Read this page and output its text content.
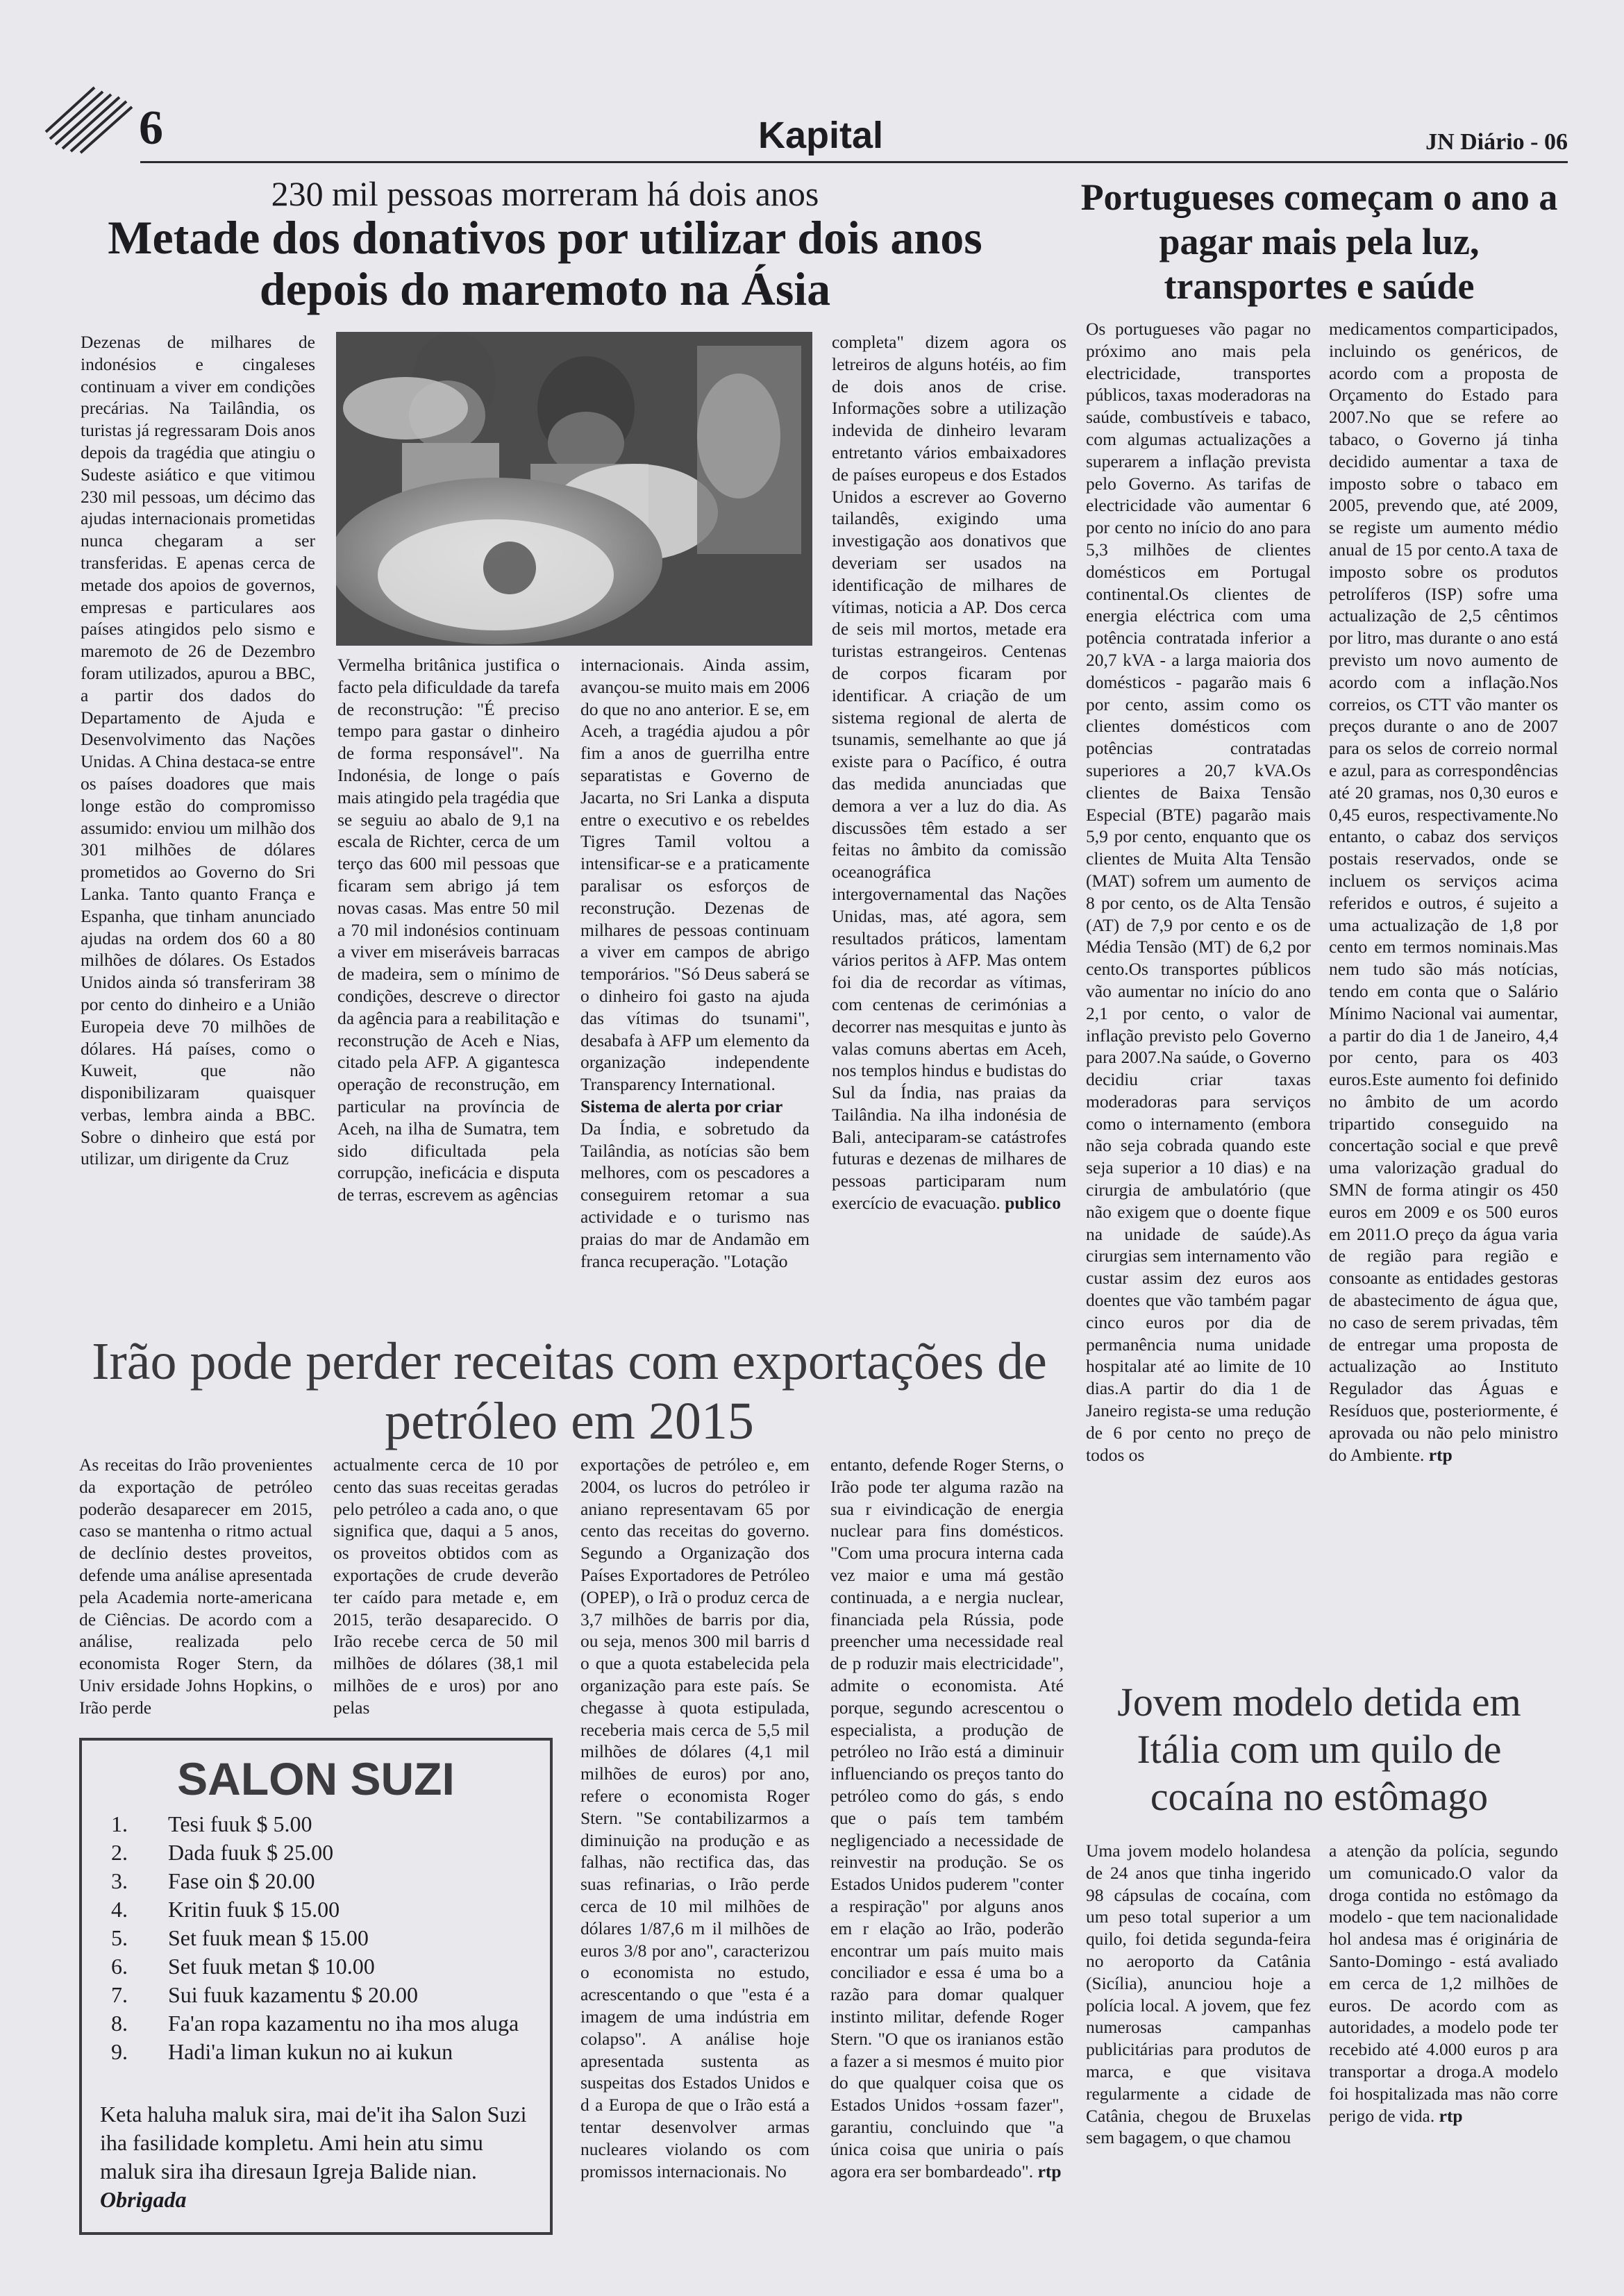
6	Kapital	JN Diário - 06
230 mil pessoas morreram há dois anos
Metade dos donativos por utilizar dois anos depois do maremoto na Ásia

Dezenas de milhares de indonésios e cingaleses continuam a viver em condições precárias. Na Tailândia, os turistas já regressaram Dois anos depois da tragédia que atingiu o Sudeste asiático e que vitimou 230 mil pessoas, um décimo das ajudas internacionais prometidas nunca chegaram a ser transferidas. E apenas cerca de metade dos apoios de governos, empresas e particulares aos países atingidos pelo sismo e maremoto de 26 de Dezembro foram utilizados, apurou a BBC, a partir dos dados do Departamento de Ajuda e Desenvolvimento das Nações Unidas. A China destaca-se entre os países doadores que mais longe estão do compromisso assumido: enviou um milhão dos 301 milhões de dólares prometidos ao Governo do Sri Lanka. Tanto quanto França e Espanha, que tinham anunciado ajudas na ordem dos 60 a 80 milhões de dólares. Os Estados Unidos ainda só transferiram 38 por cento do dinheiro e a União Europeia deve 70 milhões de dólares. Há países, como o Kuweit, que não disponibilizaram quaisquer verbas, lembra ainda a BBC. Sobre o dinheiro que está por utilizar, um dirigente da Cruz

Vermelha britânica justifica o facto pela dificuldade da tarefa de reconstrução: "É preciso tempo para gastar o dinheiro de forma responsável". Na Indonésia, de longe o país mais atingido pela tragédia que se seguiu ao abalo de 9,1 na escala de Richter, cerca de um terço das 600 mil pessoas que ficaram sem abrigo já tem novas casas. Mas entre 50 mil a 70 mil indonésios continuam a viver em miseráveis barracas de madeira, sem o mínimo de condições, descreve o director da agência para a reabilitação e reconstrução de Aceh e Nias, citado pela AFP. A gigantesca operação de reconstrução, em particular na província de Aceh, na ilha de Sumatra, tem sido dificultada pela corrupção, ineficácia e disputa de terras, escrevem as agências

internacionais. Ainda assim, avançou-se muito mais em 2006 do que no ano anterior. E se, em Aceh, a tragédia ajudou a pôr fim a anos de guerrilha entre separatistas e Governo de Jacarta, no Sri Lanka a disputa entre o executivo e os rebeldes Tigres Tamil voltou a intensificar-se e a praticamente paralisar os esforços de reconstrução. Dezenas de milhares de pessoas continuam a viver em campos de abrigo temporários. "Só Deus saberá se o dinheiro foi gasto na ajuda das vítimas do tsunami", desabafa à AFP um elemento da organização independente Transparency International.

Sistema de alerta por criar

Da Índia, e sobretudo da Tailândia, as notícias são bem melhores, com os pescadores a conseguirem retomar a sua actividade e o turismo nas praias do mar de Andamão em franca recuperação. "Lotação

completa" dizem agora os letreiros de alguns hotéis, ao fim de dois anos de crise. Informações sobre a utilização indevida de dinheiro levaram entretanto vários embaixadores de países europeus e dos Estados Unidos a escrever ao Governo tailandês, exigindo uma investigação aos donativos que deveriam ser usados na identificação de milhares de vítimas, noticia a AP. Dos cerca de seis mil mortos, metade era turistas estrangeiros. Centenas de corpos ficaram por identificar. A criação de um sistema regional de alerta de tsunamis, semelhante ao que já existe para o Pacífico, é outra das medida anunciadas que demora a ver a luz do dia. As discussões têm estado a ser feitas no âmbito da comissão oceanográfica intergovernamental das Nações Unidas, mas, até agora, sem resultados práticos, lamentam vários peritos à AFP. Mas ontem foi dia de recordar as vítimas, com centenas de cerimónias a decorrer nas mesquitas e junto às valas comuns abertas em Aceh, nos templos hindus e budistas do Sul da Índia, nas praias da Tailândia. Na ilha indonésia de Bali, anteciparam-se catástrofes futuras e dezenas de milhares de pessoas participaram num exercício de evacuação. publico

Irão pode perder receitas com exportações de petróleo em 2015

As receitas do Irão provenientes da exportação de petróleo poderão desaparecer em 2015, caso se mantenha o ritmo actual de declínio destes proveitos, defende uma análise apresentada pela Academia norte-americana de Ciências. De acordo com a análise, realizada pelo economista Roger Stern, da Univ ersidade Johns Hopkins, o Irão perde

actualmente cerca de 10 por cento das suas receitas geradas pelo petróleo a cada ano, o que significa que, daqui a 5 anos, os proveitos obtidos com as exportações de crude deverão ter caído para metade e, em 2015, terão desaparecido. O Irão recebe cerca de 50 mil milhões de dólares (38,1 mil milhões de e uros) por ano pelas

exportações de petróleo e, em 2004, os lucros do petróleo ir aniano representavam 65 por cento das receitas do governo. Segundo a Organização dos Países Exportadores de Petróleo (OPEP), o Irã o produz cerca de 3,7 milhões de barris por dia, ou seja, menos 300 mil barris d o que a quota estabelecida pela organização para este país. Se chegasse à quota estipulada, receberia mais cerca de 5,5 mil milhões de dólares (4,1 mil milhões de euros) por ano, refere o economista Roger Stern. "Se contabilizarmos a diminuição na produção e as falhas, não rectifica das, das suas refinarias, o Irão perde cerca de 10 mil milhões de dólares 1/87,6 m il milhões de euros 3/8 por ano", caracterizou o economista no estudo, acrescentando o que "esta é a imagem de uma indústria em colapso". A análise hoje apresentada sustenta as suspeitas dos Estados Unidos e d a Europa de que o Irão está a tentar desenvolver armas nucleares violando os com promissos internacionais. No

entanto, defende Roger Sterns, o Irão pode ter alguma razão na sua r eivindicação de energia nuclear para fins domésticos. "Com uma procura interna cada vez maior e uma má gestão continuada, a e nergia nuclear, financiada pela Rússia, pode preencher uma necessidade real de p roduzir mais electricidade", admite o economista. Até porque, segundo acrescentou o especialista, a produção de petróleo no Irão está a diminuir influenciando os preços tanto do petróleo como do gás, s endo que o país tem também negligenciado a necessidade de reinvestir na produção. Se os Estados Unidos puderem "conter a respiração" por alguns anos em r elação ao Irão, poderão encontrar um país muito mais conciliador e essa é uma bo a razão para domar qualquer instinto militar, defende Roger Stern. "O que os iranianos estão a fazer a si mesmos é muito pior do que qualquer coisa que os Estados Unidos +ossam fazer", garantiu, concluindo que "a única coisa que uniria o país agora era ser bombardeado". rtp

SALON SUZI
1. Tesi fuuk $ 5.00
2. Dada fuuk $ 25.00
3. Fase oin $ 20.00
4. Kritin fuuk $ 15.00
5. Set fuuk mean $ 15.00
6. Set fuuk metan $ 10.00
7. Sui fuuk kazamentu $ 20.00
8. Fa'an ropa kazamentu no iha mos aluga
9. Hadi'a liman kukun no ai kukun
Keta haluha maluk sira, mai de'it iha Salon Suzi iha fasilidade kompletu. Ami hein atu simu maluk sira iha diresaun Igreja Balide nian. Obrigada
Portugueses começam o ano a pagar mais pela luz, transportes e saúde

Os portugueses vão pagar no próximo ano mais pela electricidade, transportes públicos, taxas moderadoras na saúde, combustíveis e tabaco, com algumas actualizações a superarem a inflação prevista pelo Governo. As tarifas de electricidade vão aumentar 6 por cento no início do ano para 5,3 milhões de clientes domésticos em Portugal continental.Os clientes de energia eléctrica com uma potência contratada inferior a 20,7 kVA - a larga maioria dos domésticos - pagarão mais 6 por cento, assim como os clientes domésticos com potências contratadas superiores a 20,7 kVA.Os clientes de Baixa Tensão Especial (BTE) pagarão mais 5,9 por cento, enquanto que os clientes de Muita Alta Tensão (MAT) sofrem um aumento de 8 por cento, os de Alta Tensão (AT) de 7,9 por cento e os de Média Tensão (MT) de 6,2 por cento.Os transportes públicos vão aumentar no início do ano 2,1 por cento, o valor de inflação previsto pelo Governo para 2007.Na saúde, o Governo decidiu criar taxas moderadoras para serviços como o internamento (embora não seja cobrada quando este seja superior a 10 dias) e na cirurgia de ambulatório (que não exigem que o doente fique na unidade de saúde).As cirurgias sem internamento vão custar assim dez euros aos doentes que vão também pagar cinco euros por dia de permanência numa unidade hospitalar até ao limite de 10 dias.A partir do dia 1 de Janeiro regista-se uma redução de 6 por cento no preço de todos os

medicamentos comparticipados, incluindo os genéricos, de acordo com a proposta de Orçamento do Estado para 2007.No que se refere ao tabaco, o Governo já tinha decidido aumentar a taxa de imposto sobre o tabaco em 2005, prevendo que, até 2009, se registe um aumento médio anual de 15 por cento.A taxa de imposto sobre os produtos petrolíferos (ISP) sofre uma actualização de 2,5 cêntimos por litro, mas durante o ano está previsto um novo aumento de acordo com a inflação.Nos correios, os CTT vão manter os preços durante o ano de 2007 para os selos de correio normal e azul, para as correspondências até 20 gramas, nos 0,30 euros e 0,45 euros, respectivamente.No entanto, o cabaz dos serviços postais reservados, onde se incluem os serviços acima referidos e outros, é sujeito a uma actualização de 1,8 por cento em termos nominais.Mas nem tudo são más notícias, tendo em conta que o Salário Mínimo Nacional vai aumentar, a partir do dia 1 de Janeiro, 4,4 por cento, para os 403 euros.Este aumento foi definido no âmbito de um acordo tripartido conseguido na concertação social e que prevê uma valorização gradual do SMN de forma atingir os 450 euros em 2009 e os 500 euros em 2011.O preço da água varia de região para região e consoante as entidades gestoras de abastecimento de água que, no caso de serem privadas, têm de entregar uma proposta de actualização ao Instituto Regulador das Águas e Resíduos que, posteriormente, é aprovada ou não pelo ministro do Ambiente. rtp

Jovem modelo detida em Itália com um quilo de cocaína no estômago

Uma jovem modelo holandesa de 24 anos que tinha ingerido 98 cápsulas de cocaína, com um peso total superior a um quilo, foi detida segunda-feira no aeroporto da Catânia (Sicília), anunciou hoje a polícia local. A jovem, que fez numerosas campanhas publicitárias para produtos de marca, e que visitava regularmente a cidade de Catânia, chegou de Bruxelas sem bagagem, o que chamou

a atenção da polícia, segundo um comunicado.O valor da droga contida no estômago da modelo - que tem nacionalidade hol andesa mas é originária de Santo-Domingo - está avaliado em cerca de 1,2 milhões de euros. De acordo com as autoridades, a modelo pode ter recebido até 4.000 euros p ara transportar a droga.A modelo foi hospitalizada mas não corre perigo de vida. rtp
